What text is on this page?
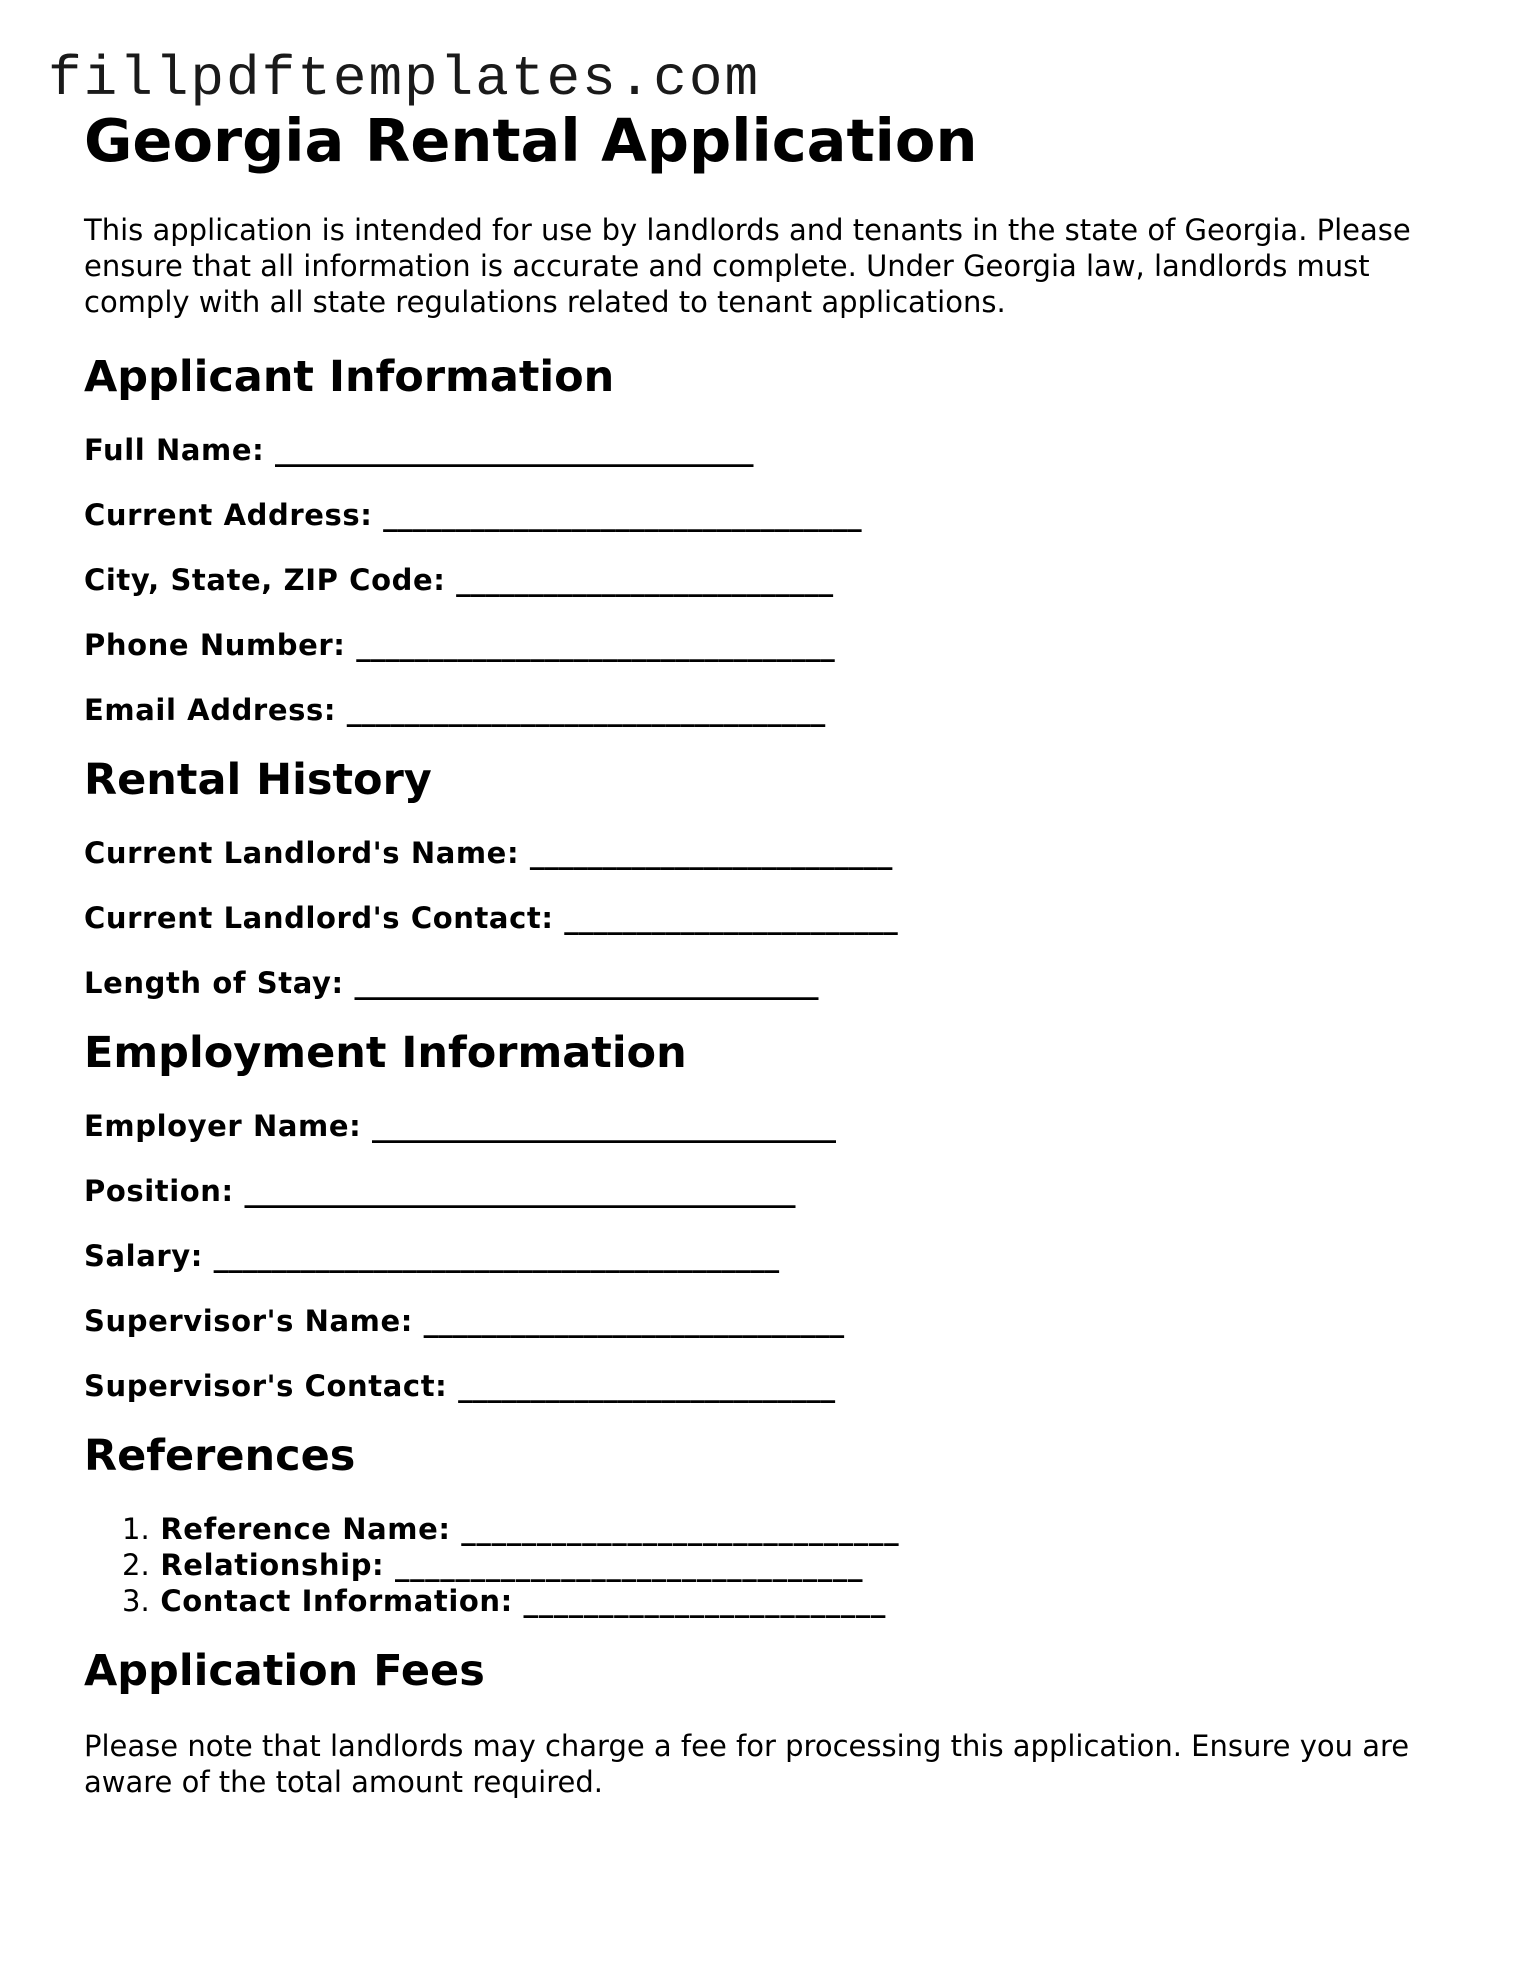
fillpdftemplates.com
Georgia Rental Application

This application is intended for use by landlords and tenants in the state of Georgia. Please ensure that all information is accurate and complete. Under Georgia law, landlords must comply with all state regulations related to tenant applications.

Applicant Information

Full Name: _________________________________

Current Address: _________________________________

City, State, ZIP Code: __________________________

Phone Number: _________________________________

Email Address: _________________________________

Rental History

Current Landlord's Name: _________________________

Current Landlord's Contact: _______________________

Length of Stay: ________________________________

Employment Information

Employer Name: ________________________________

Position: ______________________________________

Salary: _______________________________________

Supervisor's Name: _____________________________

Supervisor's Contact: __________________________

References
1. Reference Name: _____________________________
2. Relationship: _______________________________
3. Contact Information: ________________________
Application Fees

Please note that landlords may charge a fee for processing this application. Ensure you are aware of the total amount required.
